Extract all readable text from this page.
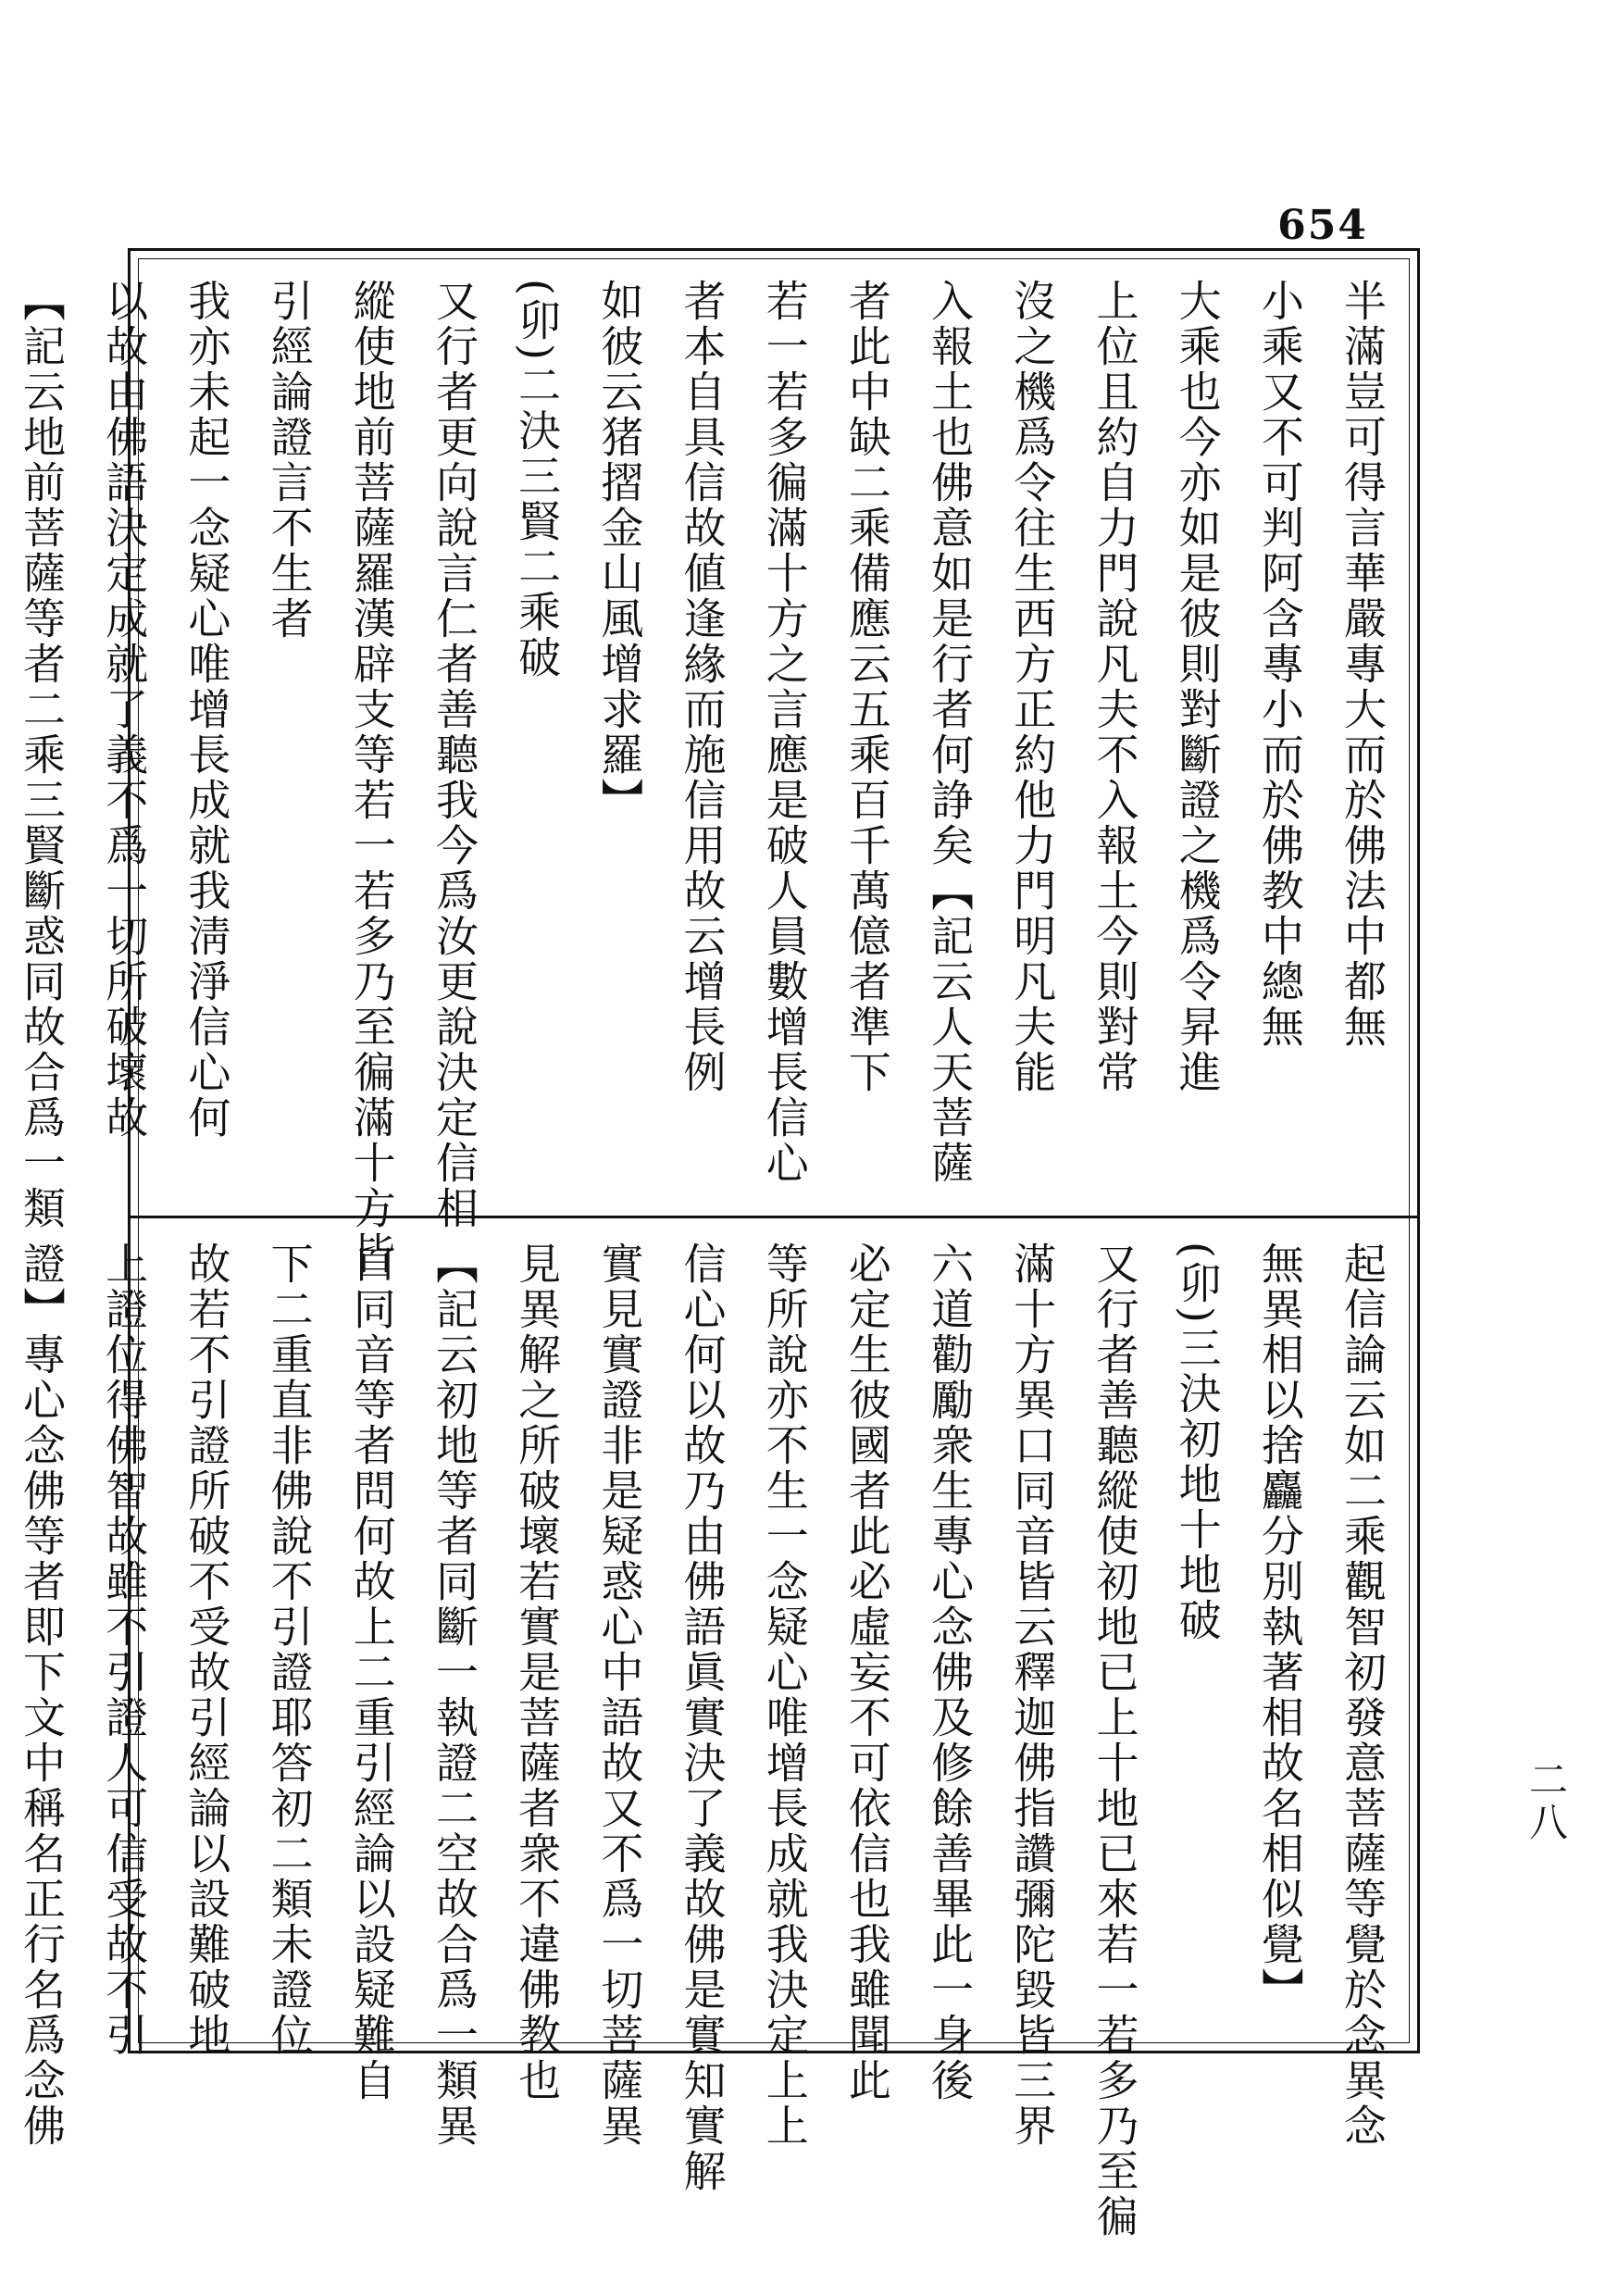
654
二八
半滿豈可得言華嚴專大而於佛法中都無
小乘又不可判阿含專小而於佛教中總無
大乘也今亦如是彼則對斷證之機爲令昇進
上位且約自力門說凡夫不入報土今則對常
沒之機爲令往生西方正約他力門明凡夫能
入報土也佛意如是行者何諍矣【記云人天菩薩
者此中缺二乘備應云五乘百千萬億者準下
若一若多徧滿十方之言應是破人員數增長信心
者本自具信故値逢緣而施信用故云增長例
如彼云猪摺金山風增求羅】
(卯)二決三賢二乘破
又行者更向說言仁者善聽我今爲汝更說決定信相
縱使地前菩薩羅漢辟支等若一若多乃至徧滿十方皆
引經論證言不生者
我亦未起一念疑心唯增長成就我淸淨信心何
以故由佛語決定成就了義不爲一切所破壞故
【記云地前菩薩等者二乘三賢斷惑同故合爲一類
起信論云如二乘觀智初發意菩薩等覺於念異念
無異相以捨麤分別執著相故名相似覺】
(卯)三決初地十地破
又行者善聽縱使初地已上十地已來若一若多乃至徧
滿十方異口同音皆云釋迦佛指讚彌陀毀皆三界
六道勸勵衆生專心念佛及修餘善畢此一身後
必定生彼國者此必虛妄不可依信也我雖聞此
等所說亦不生一念疑心唯增長成就我決定上上
信心何以故乃由佛語眞實決了義故佛是實知實解
實見實證非是疑惑心中語故又不爲一切菩薩異
見異解之所破壞若實是菩薩者衆不違佛教也
【記云初地等者同斷一執證二空故合爲一類異
口同音等者問何故上二重引經論以設疑難自
下二重直非佛說不引證耶答初二類未證位
故若不引證所破不受故引經論以設難破地
上證位得佛智故雖不引證人可信受故不引
證】專心念佛等者即下文中稱名正行名爲念佛
